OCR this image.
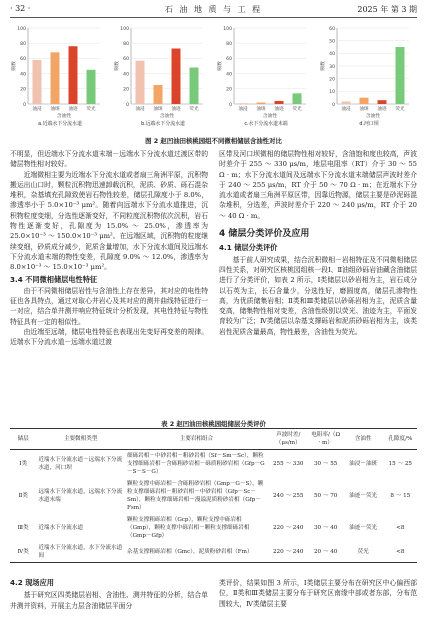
· 32 ·	石 油 地 质 与 工 程	2025 年 第 3 期
0
20
40
60
80
100
频数
油浸 油斑 油迹 荧光
含油性
a.近端水下分流水道
0
20
40
60
80
100
频数
油浸 油斑 油迹 荧光
含油性
b.远端水下分流水道
0
20
40
60
80
100
频数
油浸 油斑 油迹 荧光
含油性
c.水下分流水道末端
0
10
20
30
40
50
60
频数
油浸 油斑 油迹 荧光
含油性
d.河口坝
图 2 赵凹油田核桃园组不同微相储层含油性对比

不明显，但近端水下分流水道末端－远端水下分流水道过渡区带的储层物性相对较好。

近端微相主要为近端水下分流水道或者扇三角洲平原，沉积物搬运出山口时，颗粒沉积物迅速卸载沉积，泥质、砂质、砾石混杂堆积，杂基填充孔隙致使岩石物性较差，储层孔隙度小于 8.0%，渗透率小于 5.0×10⁻³ μm²。随着向远端水下分流水道推进，沉积物粒度变细，分选性逐渐变好，不同粒度沉积物依次沉积，岩石物性逐渐变好，孔隙度为 15.0% ～ 25.0%，渗透率为 25.0×10⁻³ ～ 150.0×10⁻³ μm²。在远端区域，沉积物的粒度继续变细，砂质成分减少，泥质含量增加，水下分流水道间及远端水下分流水道末端的物性变差，孔隙度 9.0% ～ 12.0%，渗透率为 8.0×10⁻³ ～ 15.0×10⁻³ μm²。

3.4 不同微相储层电性特征

由于不同微相储层岩性与含油性上存在差异，其对应的电性特征也各具特点，通过对取心井岩心及其对应的测井曲线特征进行一一对应，结合单井测井响应特征统计分析发现，其电性特征与物性特征具有一定的相似性。

由近端至远端，储层电性特征也表现出先变好再变差的规律。近端水下分流水道－远端水道过渡

区带及河口坝微相的储层物性相对较好，含油饱和度也较高，声波时差介于 255 ～ 330 μs/m，地层电阻率（RT）介于 30 ～ 55 Ω · m；水下分流水道间及远端水下分流水道末端储层声波时差介于 240 ～ 255 μs/m，RT 介于 50 ～ 70 Ω · m；在近端水下分流水道或者扇三角洲平原区带，因靠近物源，储层主要是砂泥砾混杂堆积，分选差，声波时差介于 220 ～ 240 μs/m，RT 介于 20 ～ 40 Ω · m。

4 储层分类评价及应用
4.1 储层分类评价

基于前人研究成果，结合沉积微相－岩相特征及不同微相储层四性关系，对研究区核桃园组核一段Ⅰ、Ⅱ油组砂砾岩油藏含油储层进行了分类评价，如表 2 所示，Ⅰ类储层以砂岩相为主，岩石成分以石英为主，长石含量少，分选性好，磨圆度高，储层孔渗物性高，为优质储集岩相；Ⅱ类和Ⅲ类储层以砂砾岩相为主，泥质含量变高，储集物性相对变差，含油性级别以荧光、油迹为主，平面发育较为广泛；Ⅳ类储层以杂基支撑砾岩和泥质砂砾岩相为主，该类岩性泥质含量最高，物性最差，含油性为荧光。

表 2 赵凹油田核桃园组储层分类评价
储层	主要微相类型	主要岩相组合	声波时差/（μs/m）	电阻率/（Ω · m）	含油性	孔隙度/%
Ⅰ类	近端水下分流水道－远端水下分流水道，河口坝	细砾岩相－中砂岩相－粗砂岩相（Sf－Sm－Sc），颗粒支撑细砾岩相－含砾粗砂岩相－砾质粗砂岩相（Gfp－G－S－S－G）	255 ～ 330	30 ～ 55	油浸－油斑	15 ～ 25
Ⅱ类	远端水下分流水道，远端水下分流水道末端	颗粒支撑中砾岩相－含砾粗砂岩相（Gmp－G－S），颗粒支撑细砾岩相－粗砂岩相－中砂岩相（Gfp－Sc－Sm），颗粒支撑细砾岩相－漫溢泥质粉砂岩相（Gfp－Fsm）	240 ～ 255	50 ～ 70	油迹－荧光	8 ～ 15
Ⅲ类	近端水下分流水道	颗粒支撑粗砾岩相（Gcp），颗粒支撑中砾岩相（Gmp），颗粒支撑中砾岩相－颗粒支撑细砾岩相（Gmp－Gfp）	220 ～ 240	30 ～ 40	油迹－荧光	<8
Ⅳ类	近端水下分流水道，水下分流水道间	杂基支撑粗砾岩相（Gmc），泥质粉砂岩相（Fm）	220 ～ 240	20 ～ 40	荧光	<8
4.2 现场应用

基于研究区四类储层岩相、含油性、测井特征的分析，结合单井测井资料，开展主力层含油储层平面分

类评价，结果如图 3 所示，Ⅰ类储层主要分布在研究区中心偏西部位，Ⅱ类和Ⅲ类储层主要分布于研究区南缘中部或者东部，分布范围较大，Ⅳ类储层主要
